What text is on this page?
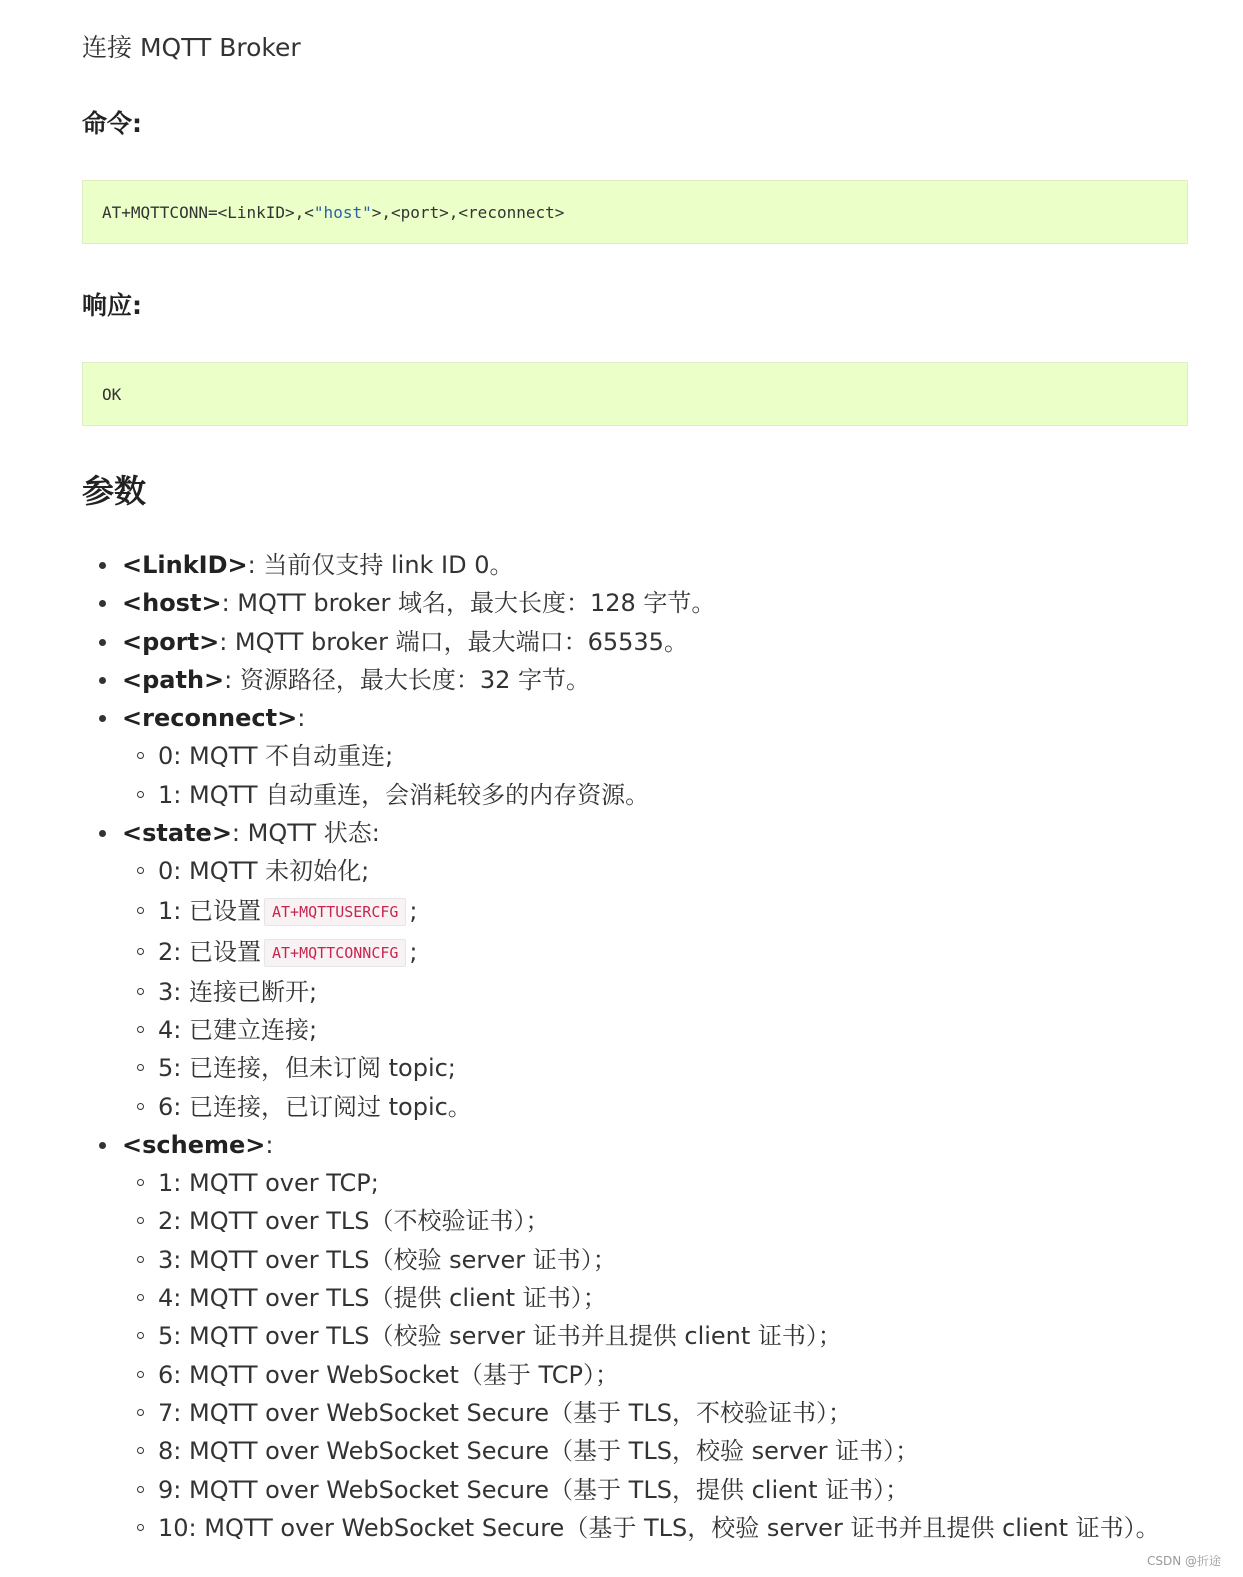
连接 MQTT Broker

命令:
AT+MQTTCONN=<LinkID>,<"host">,<port>,<reconnect>
响应:
OK
参数
<LinkID>: 当前仅支持 link ID 0。
<host>: MQTT broker 域名，最大长度：128 字节。
<port>: MQTT broker 端口，最大端口：65535。
<path>: 资源路径，最大长度：32 字节。
<reconnect>:
0: MQTT 不自动重连;
1: MQTT 自动重连，会消耗较多的内存资源。
<state>: MQTT 状态:
0: MQTT 未初始化;
1: 已设置 AT+MQTTUSERCFG ;
2: 已设置 AT+MQTTCONNCFG ;
3: 连接已断开;
4: 已建立连接;
5: 已连接，但未订阅 topic;
6: 已连接，已订阅过 topic。
<scheme>:
1: MQTT over TCP;
2: MQTT over TLS（不校验证书）；
3: MQTT over TLS（校验 server 证书）；
4: MQTT over TLS（提供 client 证书）；
5: MQTT over TLS（校验 server 证书并且提供 client 证书）；
6: MQTT over WebSocket（基于 TCP）；
7: MQTT over WebSocket Secure（基于 TLS，不校验证书）；
8: MQTT over WebSocket Secure（基于 TLS，校验 server 证书）；
9: MQTT over WebSocket Secure（基于 TLS，提供 client 证书）；
10: MQTT over WebSocket Secure（基于 TLS，校验 server 证书并且提供 client 证书）。
CSDN @折途
